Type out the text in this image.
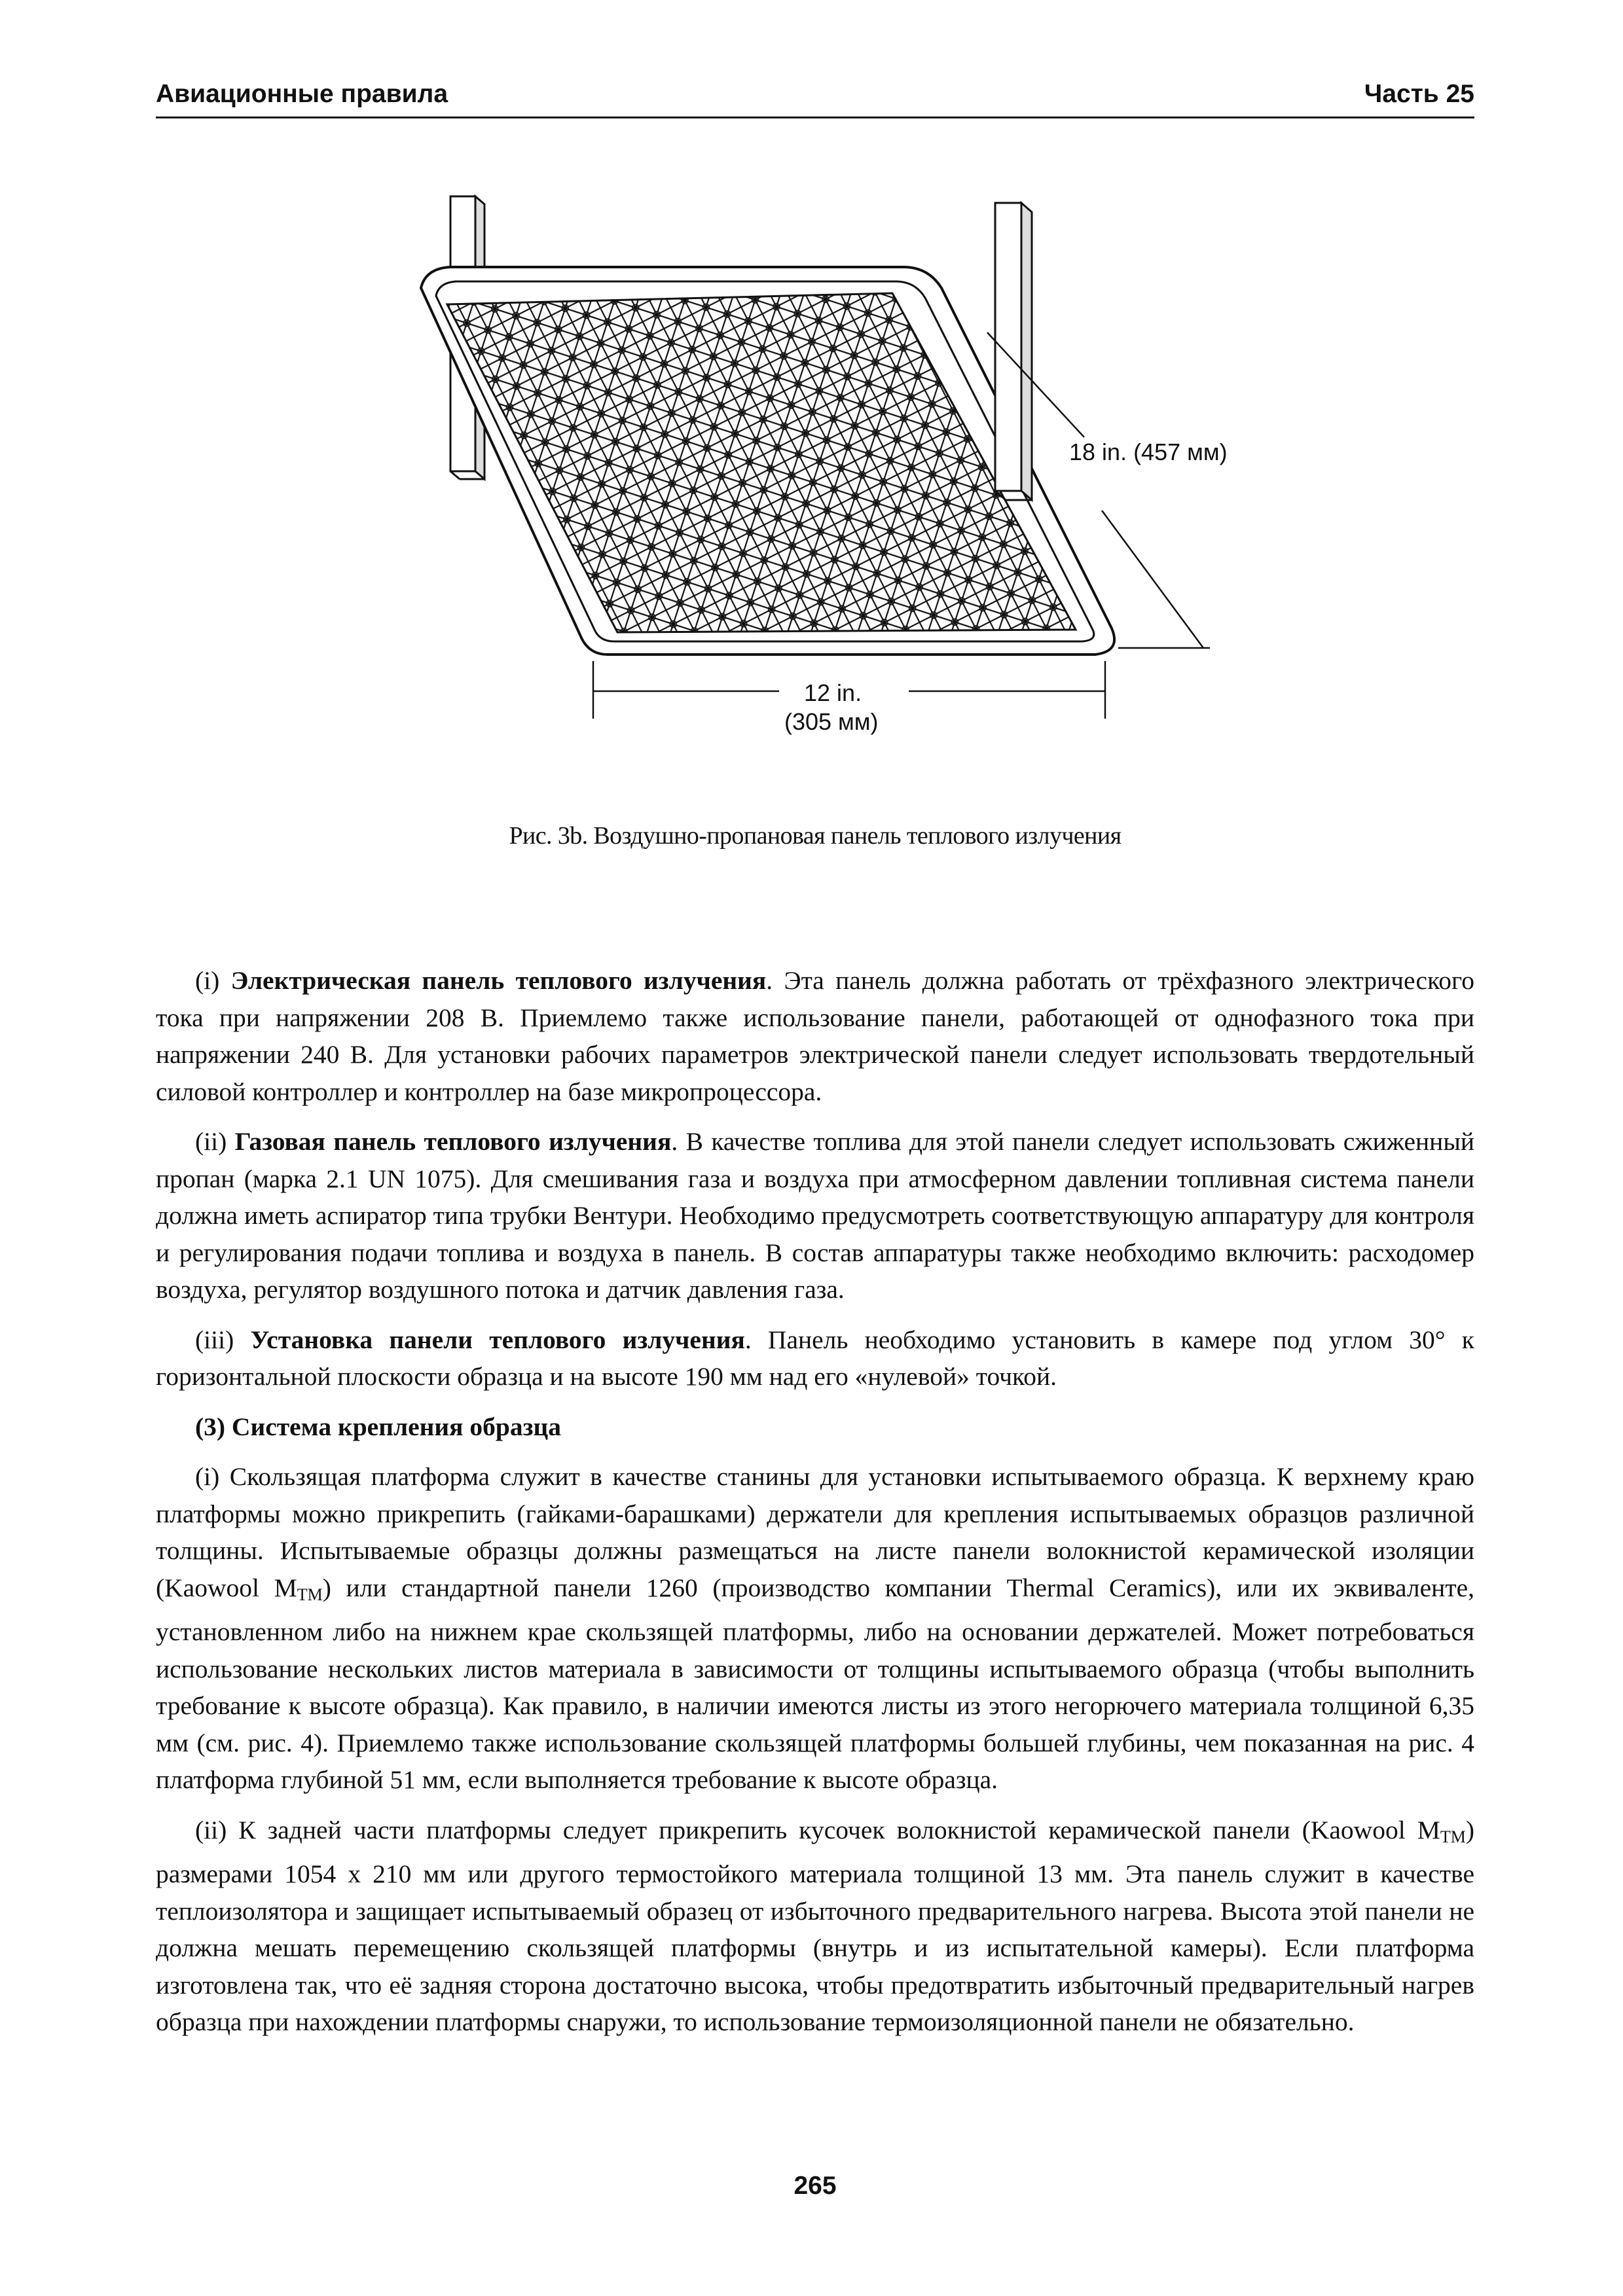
Авиационные правила	Часть 25
18 in. (457 мм)
12 in.
(305 мм)
Рис. 3b. Воздушно-пропановая панель теплового излучения

(i) Электрическая панель теплового излучения. Эта панель должна работать от трёхфазного электрического тока при напряжении 208 В. Приемлемо также использование панели, работающей от однофазного тока при напряжении 240 В. Для установки рабочих параметров электрической панели следует использовать твердотельный силовой контроллер и контроллер на базе микропроцессора.

(ii) Газовая панель теплового излучения. В качестве топлива для этой панели следует использовать сжиженный пропан (марка 2.1 UN 1075). Для смешивания газа и воздуха при атмосферном давлении топливная система панели должна иметь аспиратор типа трубки Вентури. Необходимо предусмотреть соответствующую аппаратуру для контроля и регулирования подачи топлива и воздуха в панель. В состав аппаратуры также необходимо включить: расходомер воздуха, регулятор воздушного потока и датчик давления газа.

(iii) Установка панели теплового излучения. Панель необходимо установить в камере под углом 30° к горизонтальной плоскости образца и на высоте 190 мм над его «нулевой» точкой.

(3) Система крепления образца

(i) Скользящая платформа служит в качестве станины для установки испытываемого образца. К верхнему краю платформы можно прикрепить (гайками-барашками) держатели для крепления испытываемых образцов различной толщины. Испытываемые образцы должны размещаться на листе панели волокнистой керамической изоляции (Kaowool $M_{TM}$) или стандартной панели 1260 (производство компании Thermal Ceramics), или их эквиваленте, установленном либо на нижнем крае скользящей платформы, либо на основании держателей. Может потребоваться использование нескольких листов материала в зависимости от толщины испытываемого образца (чтобы выполнить требование к высоте образца). Как правило, в наличии имеются листы из этого негорючего материала толщиной 6,35 мм (см. рис. 4). Приемлемо также использование скользящей платформы большей глубины, чем показанная на рис. 4 платформа глубиной 51 мм, если выполняется требование к высоте образца.

(ii) К задней части платформы следует прикрепить кусочек волокнистой керамической панели (Kaowool $M_{TM}$) размерами 1054 x 210 мм или другого термостойкого материала толщиной 13 мм. Эта панель служит в качестве теплоизолятора и защищает испытываемый образец от избыточного предварительного нагрева. Высота этой панели не должна мешать перемещению скользящей платформы (внутрь и из испытательной камеры). Если платформа изготовлена так, что её задняя сторона достаточно высока, чтобы предотвратить избыточный предварительный нагрев образца при нахождении платформы снаружи, то использование термоизоляционной панели не обязательно.

265
